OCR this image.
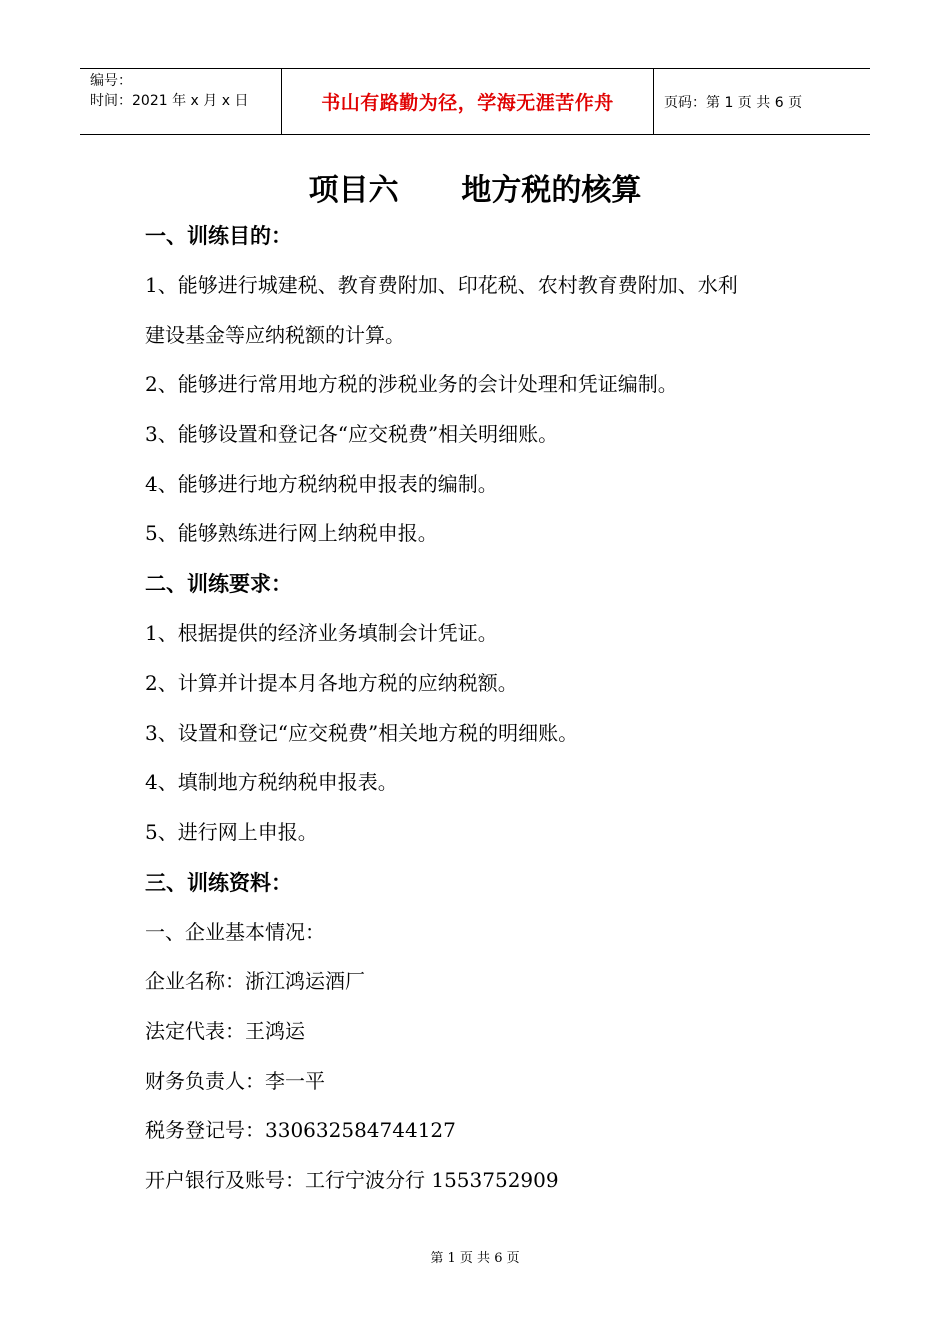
编号：
时间：2021 年 x 月 x 日	书山有路勤为径，学海无涯苦作舟	页码：第 1 页 共 6 页
项目六      地方税的核算
一、训练目的：
1、能够进行城建税、教育费附加、印花税、农村教育费附加、水利
建设基金等应纳税额的计算。
2、能够进行常用地方税的涉税业务的会计处理和凭证编制。
3、能够设置和登记各“应交税费”相关明细账。
4、能够进行地方税纳税申报表的编制。
5、能够熟练进行网上纳税申报。
二、训练要求：
1、根据提供的经济业务填制会计凭证。
2、计算并计提本月各地方税的应纳税额。
3、设置和登记“应交税费”相关地方税的明细账。
4、填制地方税纳税申报表。
5、进行网上申报。
三、训练资料：
一、企业基本情况：
企业名称：浙江鸿运酒厂
法定代表：王鸿运
财务负责人：李一平
税务登记号：330632584744127
开户银行及账号：工行宁波分行 1553752909
第 1 页 共 6 页
